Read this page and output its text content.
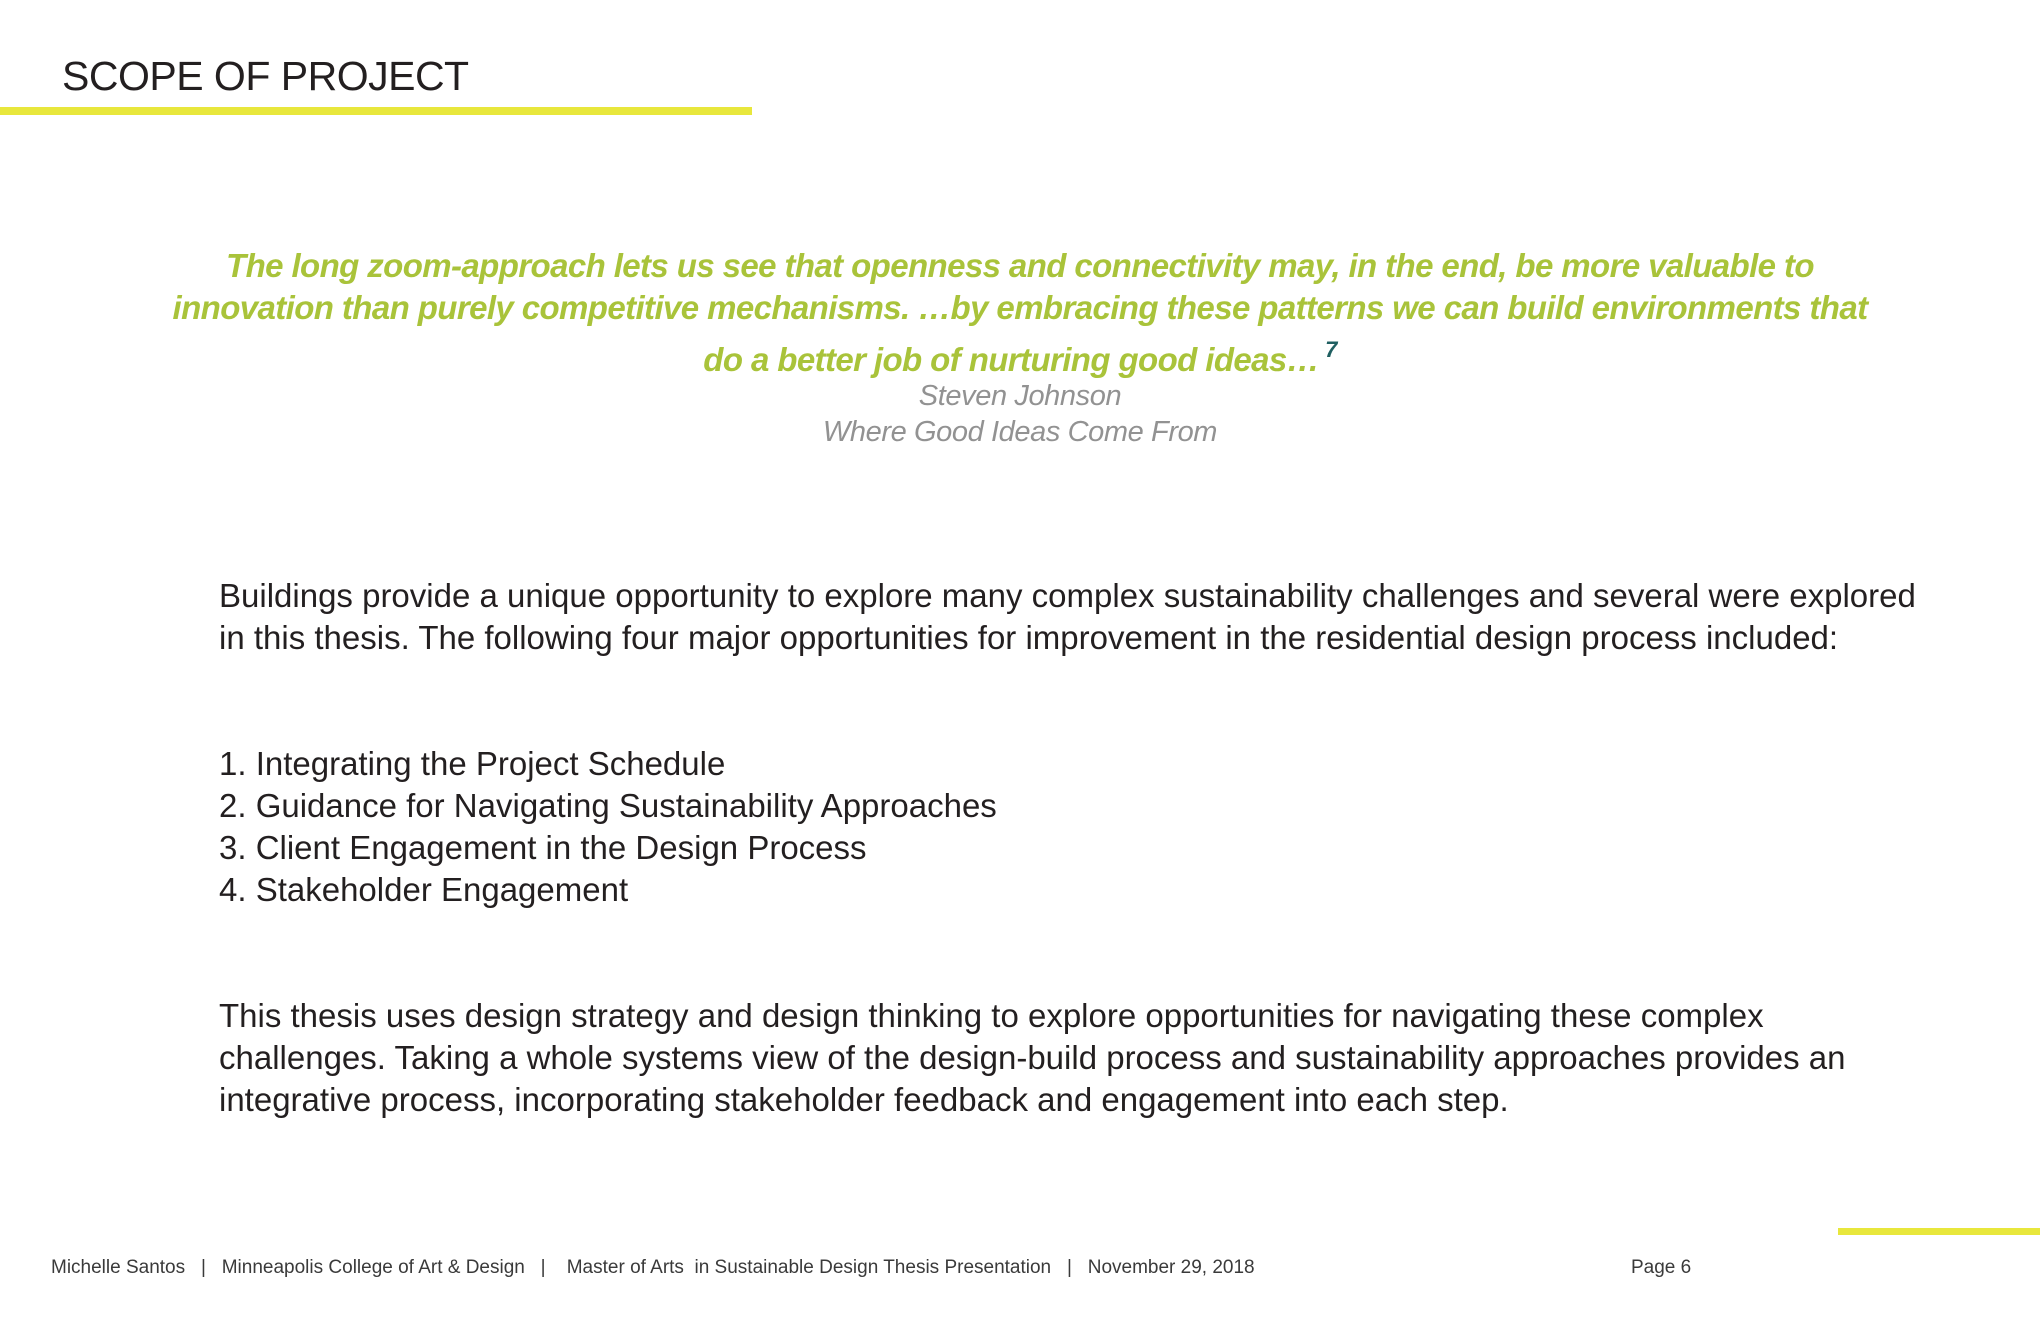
SCOPE OF PROJECT
The long zoom-approach lets us see that openness and connectivity may, in the end, be more valuable to innovation than purely competitive mechanisms. …by embracing these patterns we can build environments that do a better job of nurturing good ideas… $^7$
Steven Johnson
Where Good Ideas Come From

Buildings provide a unique opportunity to explore many complex sustainability challenges and several were explored in this thesis. The following four major opportunities for improvement in the residential design process included:

1. Integrating the Project Schedule
2. Guidance for Navigating Sustainability Approaches
3. Client Engagement in the Design Process
4. Stakeholder Engagement

This thesis uses design strategy and design thinking to explore opportunities for navigating these complex challenges. Taking a whole systems view of the design-build process and sustainability approaches provides an integrative process, incorporating stakeholder feedback and engagement into each step.

Michelle Santos   |   Minneapolis College of Art & Design   |    Master of Arts  in Sustainable Design Thesis Presentation   |   November 29, 2018	Page 6
